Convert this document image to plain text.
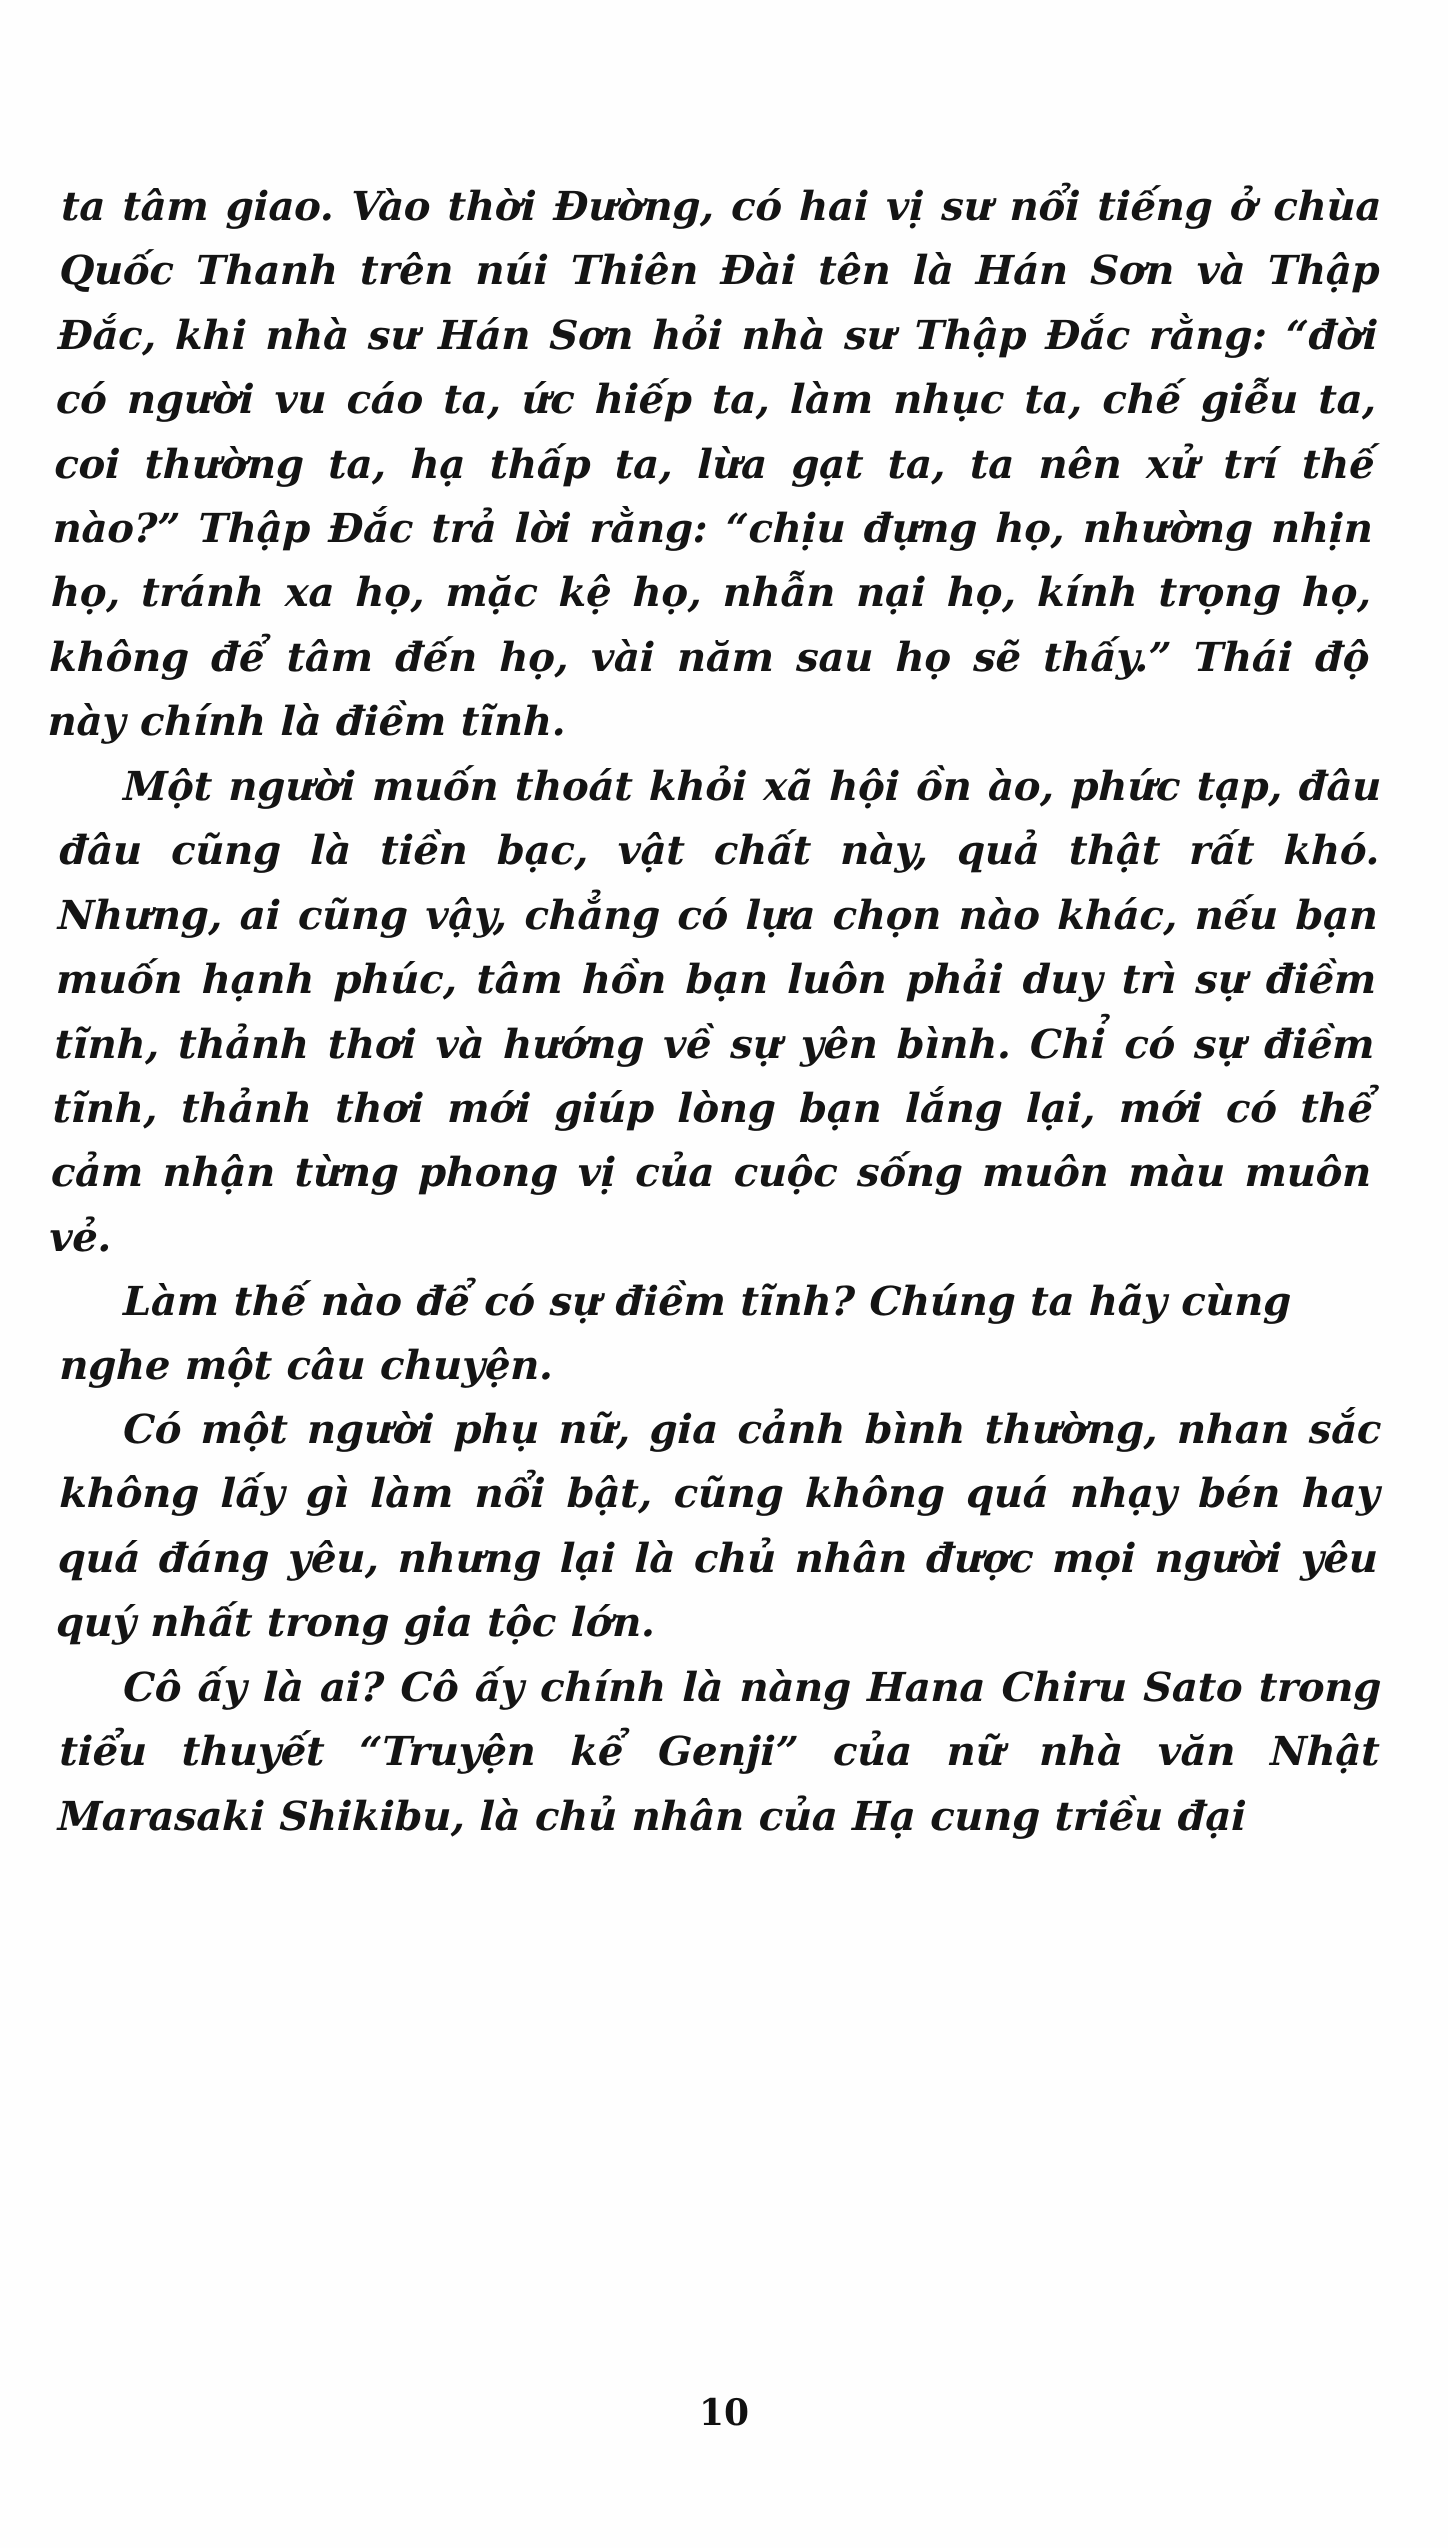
ta tâm giao. Vào thời Đường, có hai vị sư nổi tiếng ở chùa Quốc Thanh trên núi Thiên Đài tên là Hán Sơn và Thập Đắc, khi nhà sư Hán Sơn hỏi nhà sư Thập Đắc rằng: “đời có người vu cáo ta, ức hiếp ta, làm nhục ta, chế giễu ta, coi thường ta, hạ thấp ta, lừa gạt ta, ta nên xử trí thế nào?” Thập Đắc trả lời rằng: “chịu đựng họ, nhường nhịn họ, tránh xa họ, mặc kệ họ, nhẫn nại họ, kính trọng họ, không để tâm đến họ, vài năm sau họ sẽ thấy.” Thái độ này chính là điềm tĩnh.

Một người muốn thoát khỏi xã hội ồn ào, phức tạp, đâu đâu cũng là tiền bạc, vật chất này, quả thật rất khó. Nhưng, ai cũng vậy, chẳng có lựa chọn nào khác, nếu bạn muốn hạnh phúc, tâm hồn bạn luôn phải duy trì sự điềm tĩnh, thảnh thơi và hướng về sự yên bình. Chỉ có sự điềm tĩnh, thảnh thơi mới giúp lòng bạn lắng lại, mới có thể cảm nhận từng phong vị của cuộc sống muôn màu muôn vẻ.

Làm thế nào để có sự điềm tĩnh? Chúng ta hãy cùng nghe một câu chuyện.

Có một người phụ nữ, gia cảnh bình thường, nhan sắc không lấy gì làm nổi bật, cũng không quá nhạy bén hay quá đáng yêu, nhưng lại là chủ nhân được mọi người yêu quý nhất trong gia tộc lớn.

Cô ấy là ai? Cô ấy chính là nàng Hana Chiru Sato trong tiểu thuyết “Truyện kể Genji” của nữ nhà văn Nhật Marasaki Shikibu, là chủ nhân của Hạ cung triều đại

10
